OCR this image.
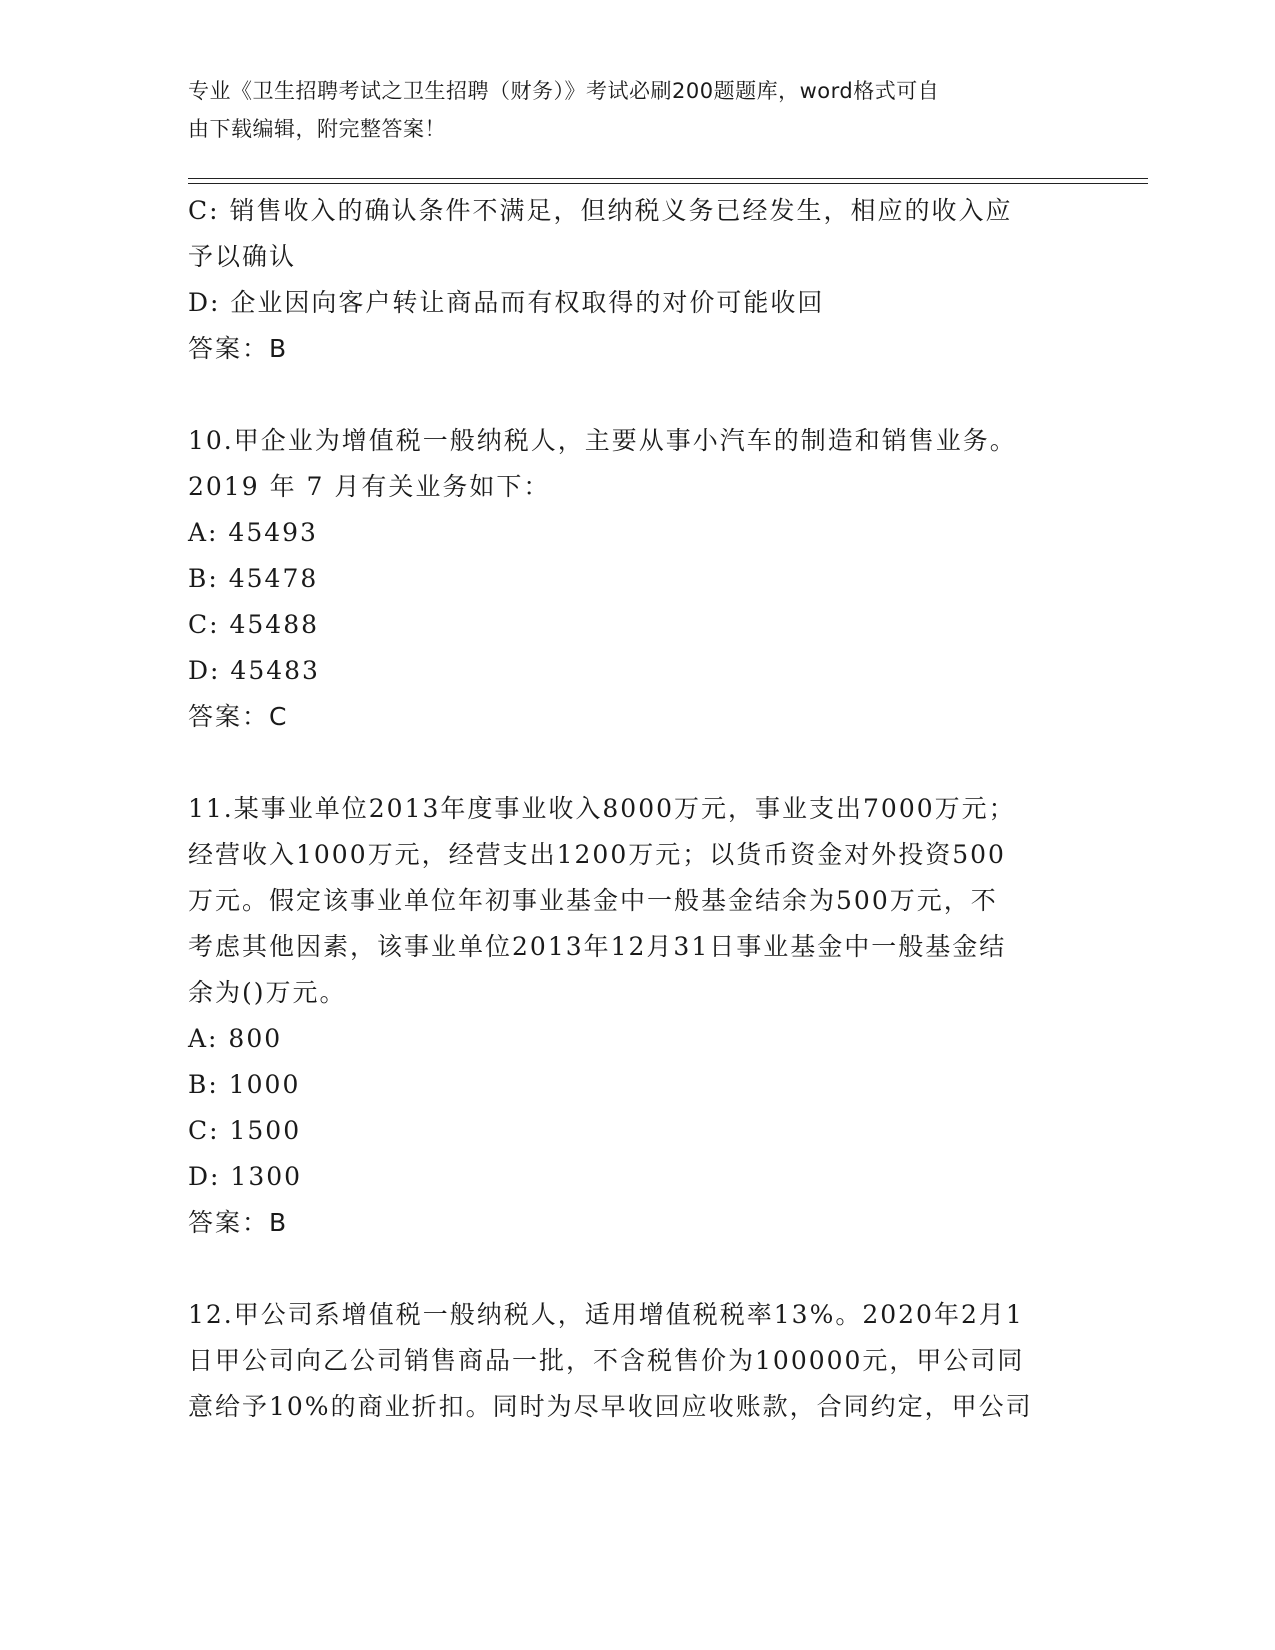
专业《卫生招聘考试之卫生招聘（财务）》考试必刷200题题库，word格式可自
由下载编辑，附完整答案！
C: 销售收入的确认条件不满足，但纳税义务已经发生，相应的收入应
予以确认
D: 企业因向客户转让商品而有权取得的对价可能收回
答案：B
10.甲企业为增值税一般纳税人，主要从事小汽车的制造和销售业务。
2019 年 7 月有关业务如下：
A: 45493
B: 45478
C: 45488
D: 45483
答案：C
11.某事业单位2013年度事业收入8000万元，事业支出7000万元；
经营收入1000万元，经营支出1200万元；以货币资金对外投资500
万元。假定该事业单位年初事业基金中一般基金结余为500万元，不
考虑其他因素，该事业单位2013年12月31日事业基金中一般基金结
余为()万元。
A: 800
B: 1000
C: 1500
D: 1300
答案：B
12.甲公司系增值税一般纳税人，适用增值税税率13%。2020年2月1
日甲公司向乙公司销售商品一批，不含税售价为100000元，甲公司同
意给予10%的商业折扣。同时为尽早收回应收账款，合同约定，甲公司
